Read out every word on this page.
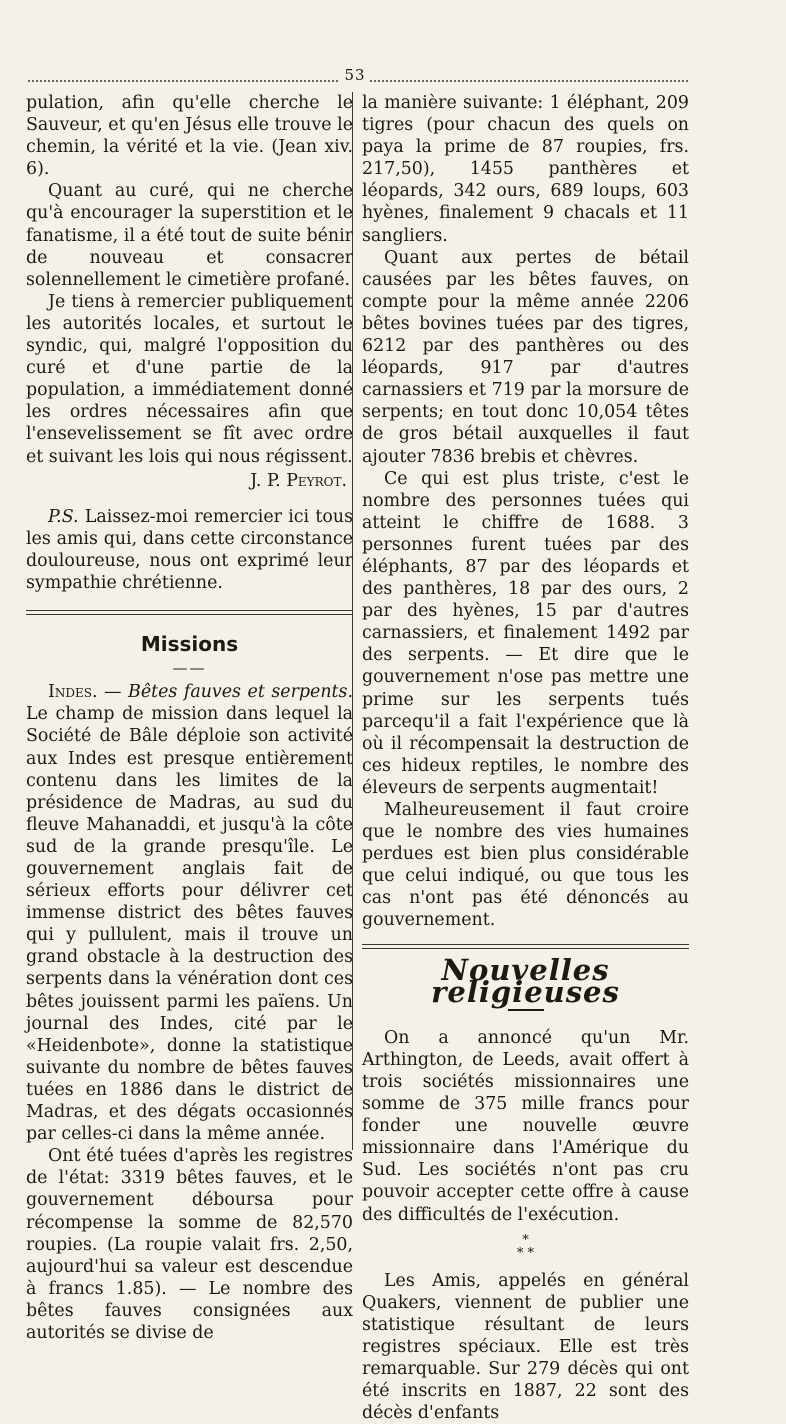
53

pulation, afin qu'elle cherche le Sauveur, et qu'en Jésus elle trouve le chemin, la vérité et la vie. (Jean xiv. 6).

Quant au curé, qui ne cherche qu'à encourager la superstition et le fanatisme, il a été tout de suite bénir de nouveau et consacrer solennellement le cimetière profané.

Je tiens à remercier publiquement les autorités locales, et surtout le syndic, qui, malgré l'opposition du curé et d'une partie de la population, a immédiatement donné les ordres nécessaires afin que l'ensevelissement se fît avec ordre et suivant les lois qui nous régissent.

J. P. Peyrot.

P.S. Laissez-moi remercier ici tous les amis qui, dans cette circonstance douloureuse, nous ont exprimé leur sympathie chrétienne.

Missions
——

Indes. — Bêtes fauves et serpents. Le champ de mission dans lequel la Société de Bâle déploie son activité aux Indes est presque entièrement contenu dans les limites de la présidence de Madras, au sud du fleuve Mahanaddi, et jusqu'à la côte sud de la grande presqu'île. Le gouvernement anglais fait de sérieux efforts pour délivrer cet immense district des bêtes fauves qui y pullulent, mais il trouve un grand obstacle à la destruction des serpents dans la vénération dont ces bêtes jouissent parmi les païens. Un journal des Indes, cité par le «Heidenbote», donne la statistique suivante du nombre de bêtes fauves tuées en 1886 dans le district de Madras, et des dégats occasionnés par celles-ci dans la même année.

Ont été tuées d'après les registres de l'état: 3319 bêtes fauves, et le gouvernement déboursa pour récompense la somme de 82,570 roupies. (La roupie valait frs. 2,50, aujourd'hui sa valeur est descendue à francs 1.85). — Le nombre des bêtes fauves consignées aux autorités se divise de

la manière suivante: 1 éléphant, 209 tigres (pour chacun des quels on paya la prime de 87 roupies, frs. 217,50), 1455 panthères et léopards, 342 ours, 689 loups, 603 hyènes, finalement 9 chacals et 11 sangliers.

Quant aux pertes de bétail causées par les bêtes fauves, on compte pour la même année 2206 bêtes bovines tuées par des tigres, 6212 par des panthères ou des léopards, 917 par d'autres carnassiers et 719 par la morsure de serpents; en tout donc 10,054 têtes de gros bétail auxquelles il faut ajouter 7836 brebis et chèvres.

Ce qui est plus triste, c'est le nombre des personnes tuées qui atteint le chiffre de 1688. 3 personnes furent tuées par des éléphants, 87 par des léopards et des panthères, 18 par des ours, 2 par des hyènes, 15 par d'autres carnassiers, et finalement 1492 par des serpents. — Et dire que le gouvernement n'ose pas mettre une prime sur les serpents tués parcequ'il a fait l'expérience que là où il récompensait la destruction de ces hideux reptiles, le nombre des éleveurs de serpents augmentait!

Malheureusement il faut croire que le nombre des vies humaines perdues est bien plus considérable que celui indiqué, ou que tous les cas n'ont pas été dénoncés au gouvernement.

Nouvelles religieuses

On a annoncé qu'un Mr. Arthington, de Leeds, avait offert à trois sociétés missionnaires une somme de 375 mille francs pour fonder une nouvelle œuvre missionnaire dans l'Amérique du Sud. Les sociétés n'ont pas cru pouvoir accepter cette offre à cause des difficultés de l'exécution.

*
* *

Les Amis, appelés en général Quakers, viennent de publier une statistique résultant de leurs registres spéciaux. Elle est très remarquable. Sur 279 décès qui ont été inscrits en 1887, 22 sont des décès d'enfants
